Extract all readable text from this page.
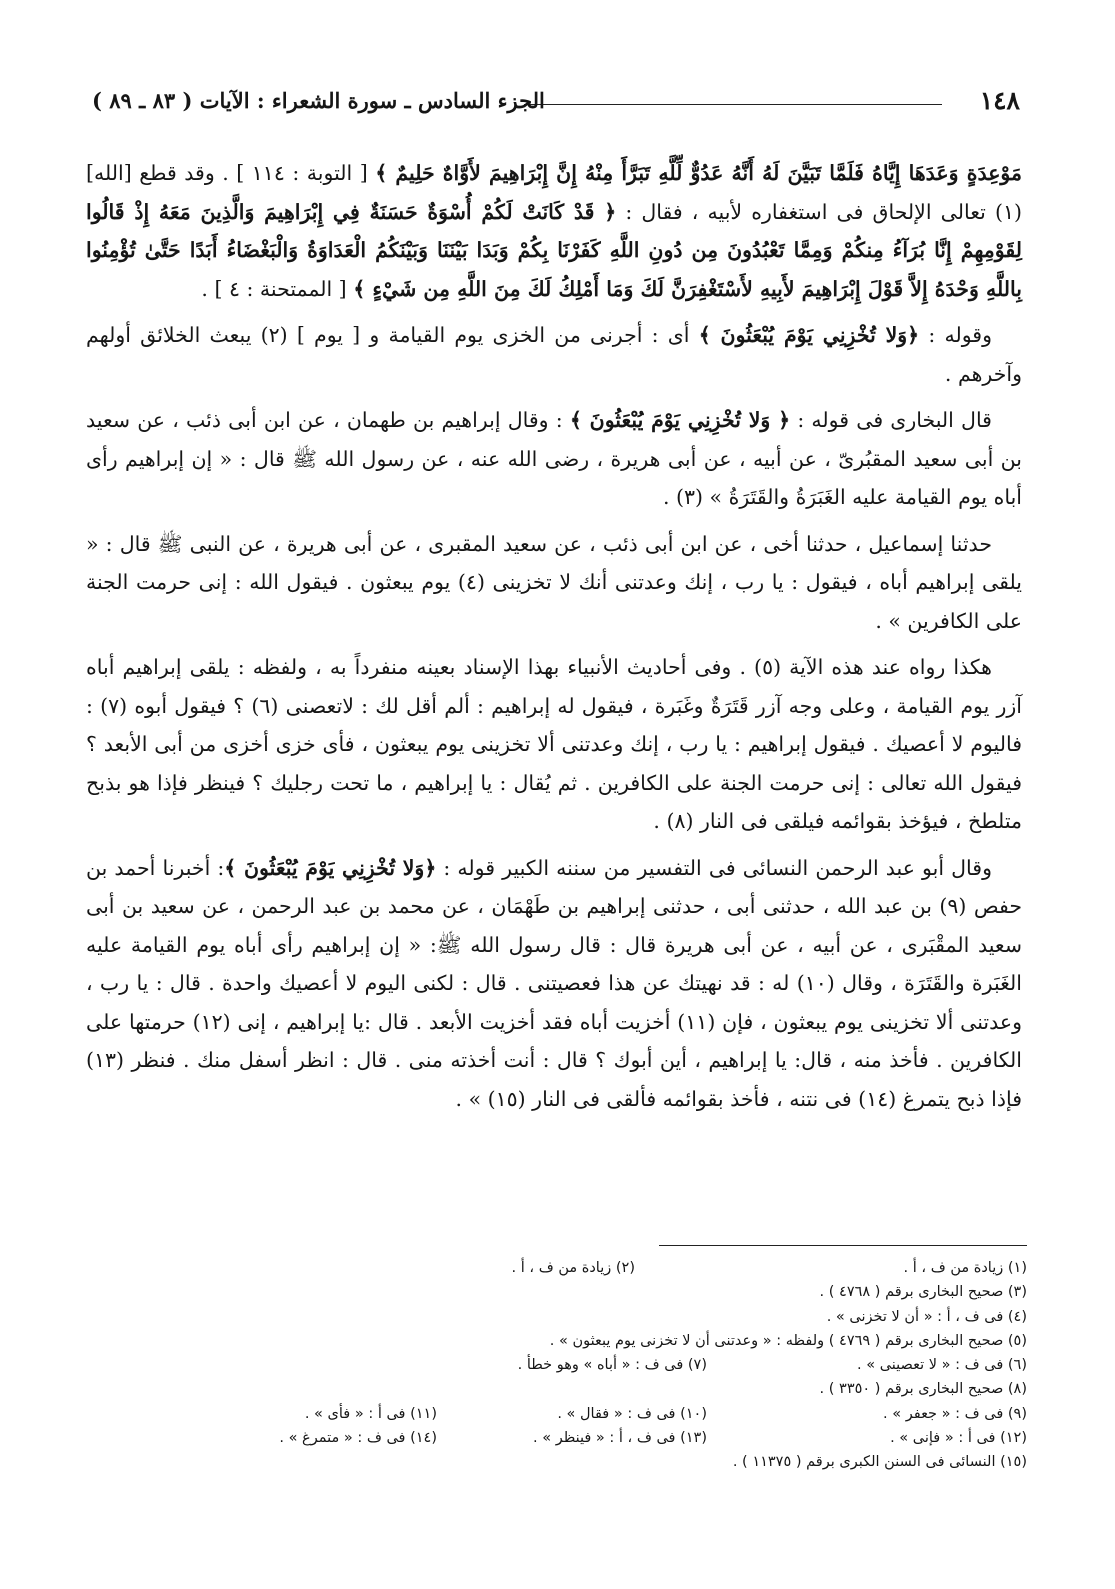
١٤٨
الجزء السادس ـ سورة الشعراء : الآيات ( ٨٣ ـ ٨٩ )

مَوْعِدَةٍ وَعَدَهَا إِيَّاهُ فَلَمَّا تَبَيَّنَ لَهُ أَنَّهُ عَدُوٌّ لِّلَّهِ تَبَرَّأَ مِنْهُ إِنَّ إِبْرَاهِيمَ لأَوَّاهٌ حَلِيمٌ ﴾ [ التوبة : ١١٤ ] . وقد قطع [الله] (١) تعالى الإلحاق فى استغفاره لأبيه ، فقال : ﴿ قَدْ كَانَتْ لَكُمْ أُسْوَةٌ حَسَنَةٌ فِي إِبْرَاهِيمَ وَالَّذِينَ مَعَهُ إِذْ قَالُوا لِقَوْمِهِمْ إِنَّا بُرَآءُ مِنكُمْ وَمِمَّا تَعْبُدُونَ مِن دُونِ اللَّهِ كَفَرْنَا بِكُمْ وَبَدَا بَيْنَنَا وَبَيْنَكُمُ الْعَدَاوَةُ وَالْبَغْضَاءُ أَبَدًا حَتَّىٰ تُؤْمِنُوا بِاللَّهِ وَحْدَهُ إِلاَّ قَوْلَ إِبْرَاهِيمَ لأَبِيهِ لأَسْتَغْفِرَنَّ لَكَ وَمَا أَمْلِكُ لَكَ مِنَ اللَّهِ مِن شَيْءٍ ﴾ [ الممتحنة : ٤ ] .

وقوله : ﴿وَلا تُخْزِنِي يَوْمَ يُبْعَثُونَ ﴾ أى : أجرنى من الخزى يوم القيامة و [ يوم ] (٢) يبعث الخلائق أولهم وآخرهم .

قال البخارى فى قوله : ﴿ وَلا تُخْزِنِي يَوْمَ يُبْعَثُونَ ﴾ : وقال إبراهيم بن طهمان ، عن ابن أبى ذئب ، عن سعيد بن أبى سعيد المقبُرىّ ، عن أبيه ، عن أبى هريرة ، رضى الله عنه ، عن رسول الله ﷺ قال : « إن إبراهيم رأى أباه يوم القيامة عليه الغَبَرَةُ والقَتَرَةُ » (٣) .

حدثنا إسماعيل ، حدثنا أخى ، عن ابن أبى ذئب ، عن سعيد المقبرى ، عن أبى هريرة ، عن النبى ﷺ قال : « يلقى إبراهيم أباه ، فيقول : يا رب ، إنك وعدتنى أنك لا تخزينى (٤) يوم يبعثون . فيقول الله : إنى حرمت الجنة على الكافرين » .

هكذا رواه عند هذه الآية (٥) . وفى أحاديث الأنبياء بهذا الإسناد بعينه منفرداً به ، ولفظه : يلقى إبراهيم أباه آزر يوم القيامة ، وعلى وجه آزر قَتَرَةٌ وغَبَرة ، فيقول له إبراهيم : ألم أقل لك : لاتعصنى (٦) ؟ فيقول أبوه (٧) : فاليوم لا أعصيك . فيقول إبراهيم : يا رب ، إنك وعدتنى ألا تخزينى يوم يبعثون ، فأى خزى أخزى من أبى الأبعد ؟ فيقول الله تعالى : إنى حرمت الجنة على الكافرين . ثم يُقال : يا إبراهيم ، ما تحت رجليك ؟ فينظر فإذا هو بذبح متلطخ ، فيؤخذ بقوائمه فيلقى فى النار (٨) .

وقال أبو عبد الرحمن النسائى فى التفسير من سننه الكبير قوله : ﴿وَلا تُخْزِنِي يَوْمَ يُبْعَثُونَ ﴾: أخبرنا أحمد بن حفص (٩) بن عبد الله ، حدثنى أبى ، حدثنى إبراهيم بن طَهْمَان ، عن محمد بن عبد الرحمن ، عن سعيد بن أبى سعيد المقْبَرى ، عن أبيه ، عن أبى هريرة قال : قال رسول الله ﷺ: « إن إبراهيم رأى أباه يوم القيامة عليه الغَبَرة والقَتَرَة ، وقال (١٠) له : قد نهيتك عن هذا فعصيتنى . قال : لكنى اليوم لا أعصيك واحدة . قال : يا رب ، وعدتنى ألا تخزينى يوم يبعثون ، فإن (١١) أخزيت أباه فقد أخزيت الأبعد . قال :يا إبراهيم ، إنى (١٢) حرمتها على الكافرين . فأخذ منه ، قال: يا إبراهيم ، أين أبوك ؟ قال : أنت أخذته منى . قال : انظر أسفل منك . فنظر (١٣) فإذا ذبح يتمرغ (١٤) فى نتنه ، فأخذ بقوائمه فألقى فى النار (١٥) » .

(١) زيادة من ف ، أ .
(٢) زيادة من ف ، أ .
(٣) صحيح البخارى برقم ( ٤٧٦٨ ) .
(٤) فى ف ، أ : « أن لا تخزنى » .
(٥) صحيح البخارى برقم ( ٤٧٦٩ ) ولفظه : « وعدتنى أن لا تخزنى يوم يبعثون » .
(٦) فى ف : « لا تعصينى » .
(٧) فى ف : « أباه » وهو خطأ .
(٨) صحيح البخارى برقم ( ٣٣٥٠ ) .
(٩) فى ف : « جعفر » .
(١٠) فى ف : « فقال » .
(١١) فى أ : « فأى » .
(١٢) فى أ : « فإنى » .
(١٣) فى ف ، أ : « فينظر » .
(١٤) فى ف : « متمرغ » .
(١٥) النسائى فى السنن الكبرى برقم ( ١١٣٧٥ ) .
